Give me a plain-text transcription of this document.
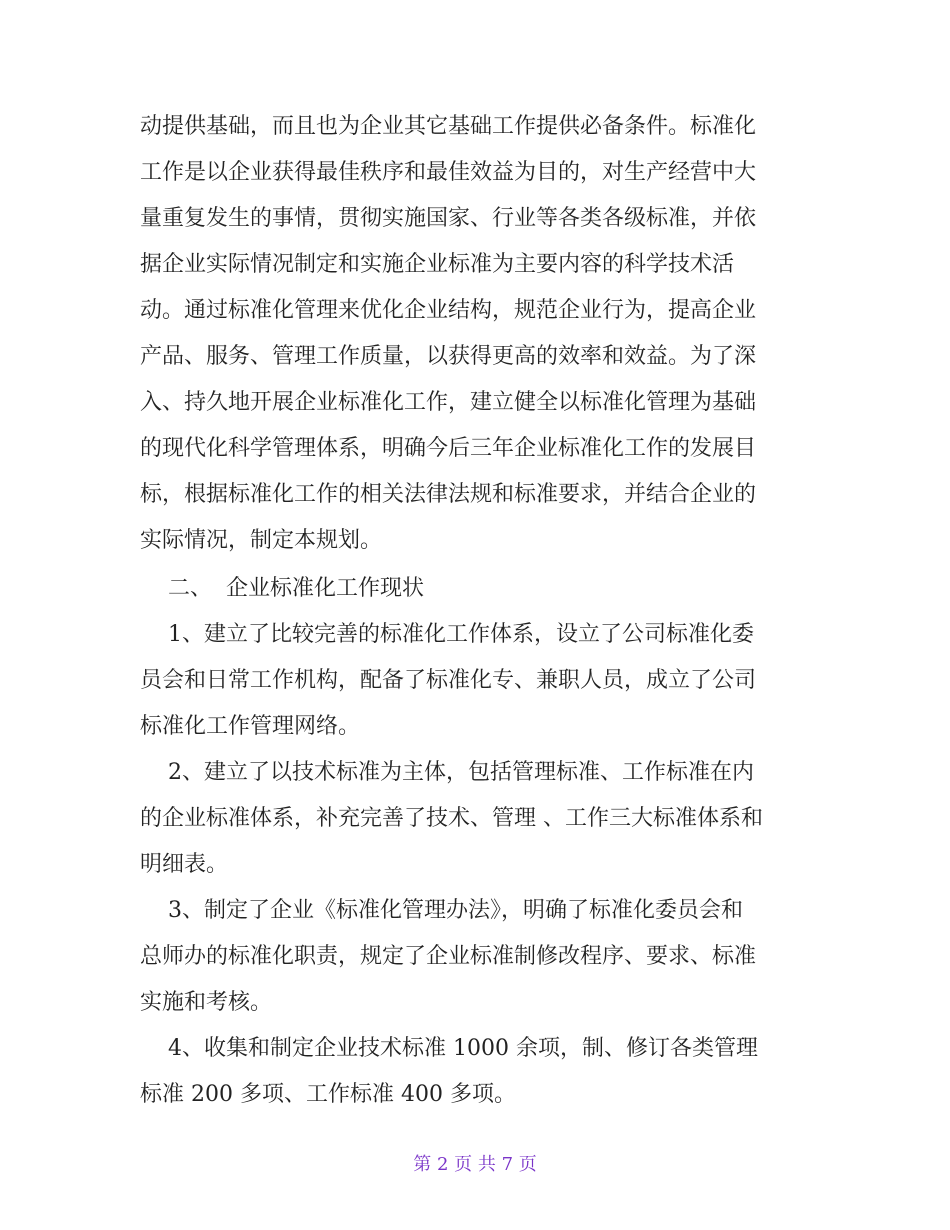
动提供基础，而且也为企业其它基础工作提供必备条件。标准化
工作是以企业获得最佳秩序和最佳效益为目的，对生产经营中大
量重复发生的事情，贯彻实施国家、行业等各类各级标准，并依
据企业实际情况制定和实施企业标准为主要内容的科学技术活
动。通过标准化管理来优化企业结构，规范企业行为，提高企业
产品、服务、管理工作质量，以获得更高的效率和效益。为了深
入、持久地开展企业标准化工作，建立健全以标准化管理为基础
的现代化科学管理体系，明确今后三年企业标准化工作的发展目
标，根据标准化工作的相关法律法规和标准要求，并结合企业的
实际情况，制定本规划。
二、  企业标准化工作现状
1、建立了比较完善的标准化工作体系，设立了公司标准化委
员会和日常工作机构，配备了标准化专、兼职人员，成立了公司
标准化工作管理网络。
2、建立了以技术标准为主体，包括管理标准、工作标准在内
的企业标准体系，补充完善了技术、管理 、工作三大标准体系和
明细表。
3、制定了企业《标准化管理办法》，明确了标准化委员会和
总师办的标准化职责，规定了企业标准制修改程序、要求、标准
实施和考核。
4、收集和制定企业技术标准 1000 余项，制、修订各类管理
标准 200 多项、工作标准 400 多项。
第 2 页 共 7 页
